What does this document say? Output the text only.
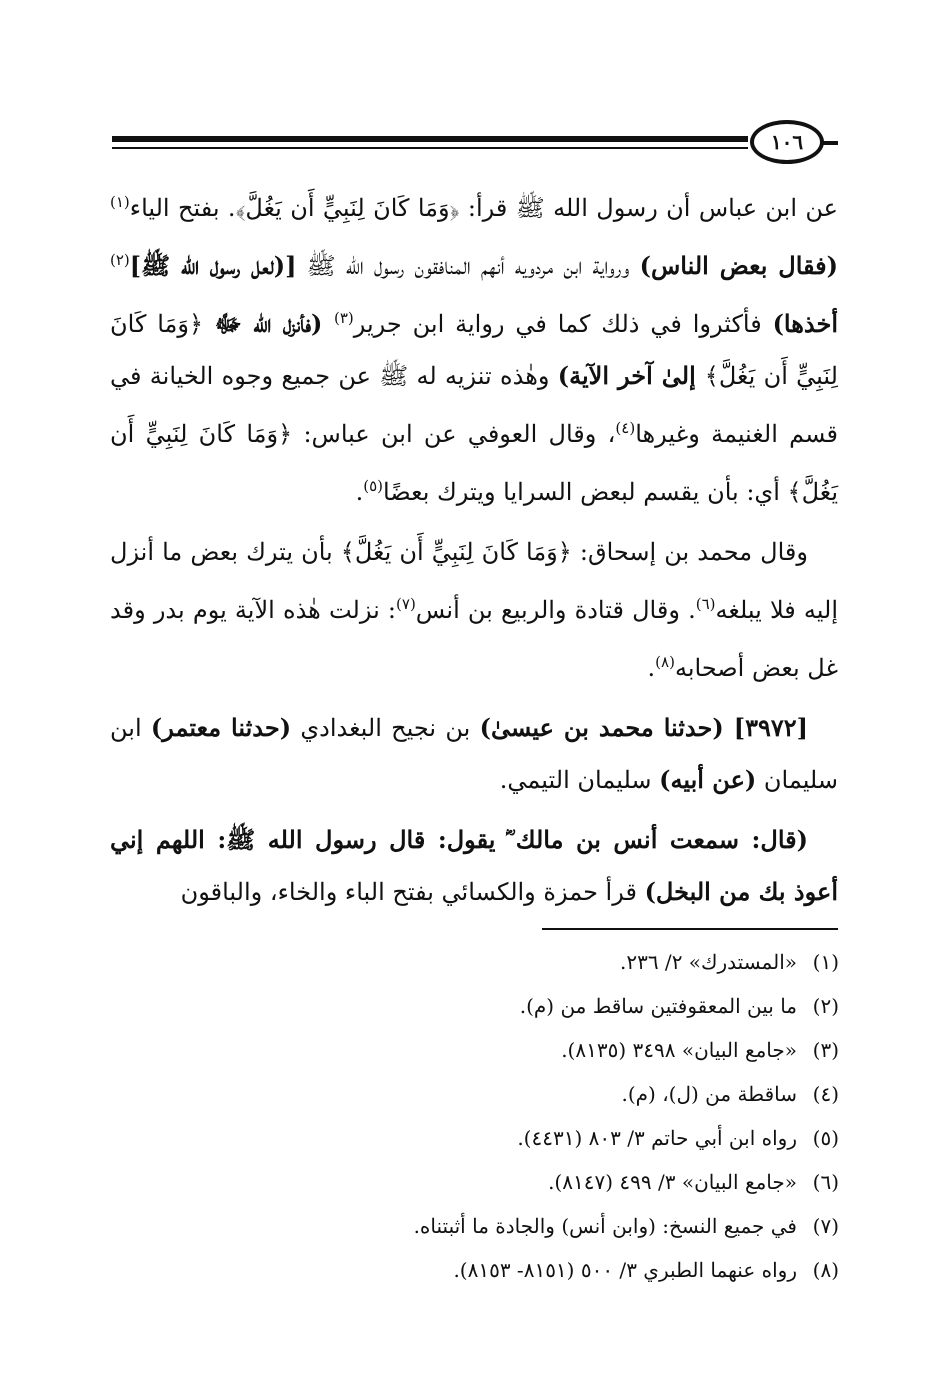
١٠٦

عن ابن عباس أن رسول الله ﷺ قرأ: ﴿وَمَا كَانَ لِنَبِيٍّ أَن يَغُلَّ﴾. بفتح الياء$^{(١)}$ (فقال بعض الناس) ورواية ابن مردويه أنهم المنافقون رسول الله ﷺ [(لعل رسول الله ﷺ]$^{(٢)}$ أخذها) فأكثروا في ذلك كما في رواية ابن جرير$^{(٣)}$ (فأنزل الله ﷻ ﴿وَمَا كَانَ لِنَبِيٍّ أَن يَغُلَّ﴾ إلىٰ آخر الآية) وهٰذه تنزيه له ﷺ عن جميع وجوه الخيانة في قسم الغنيمة وغيرها$^{(٤)}$، وقال العوفي عن ابن عباس: ﴿وَمَا كَانَ لِنَبِيٍّ أَن يَغُلَّ﴾ أي: بأن يقسم لبعض السرايا ويترك بعضًا$^{(٥)}$.

وقال محمد بن إسحاق: ﴿وَمَا كَانَ لِنَبِيٍّ أَن يَغُلَّ﴾ بأن يترك بعض ما أنزل إليه فلا يبلغه$^{(٦)}$. وقال قتادة والربيع بن أنس$^{(٧)}$: نزلت هٰذه الآية يوم بدر وقد غل بعض أصحابه$^{(٨)}$.

[٣٩٧٢] (حدثنا محمد بن عيسىٰ) بن نجيح البغدادي (حدثنا معتمر) ابن سليمان (عن أبيه) سليمان التيمي.

(قال: سمعت أنس بن مالك ؓ يقول: قال رسول الله ﷺ: اللهم إني أعوذ بك من البخل) قرأ حمزة والكسائي بفتح الباء والخاء، والباقون

(١)«المستدرك» ٢/ ٢٣٦.
(٢)ما بين المعقوفتين ساقط من (م).
(٣)«جامع البيان» ٣٤٩٨ (٨١٣٥).
(٤)ساقطة من (ل)، (م).
(٥)رواه ابن أبي حاتم ٣/ ٨٠٣ (٤٤٣١).
(٦)«جامع البيان» ٣/ ٤٩٩ (٨١٤٧).
(٧)في جميع النسخ: (وابن أنس) والجادة ما أثبتناه.
(٨)رواه عنهما الطبري ٣/ ٥٠٠ (٨١٥١- ٨١٥٣).
